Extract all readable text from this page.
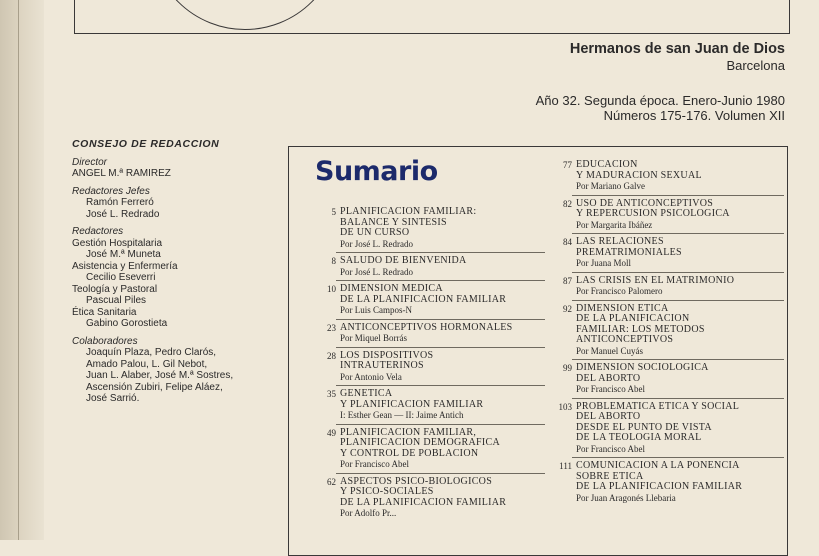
Hermanos de san Juan de Dios
Barcelona
Año 32. Segunda época. Enero-Junio 1980
Números 175-176. Volumen XII
CONSEJO DE REDACCION
Director
ANGEL M.ª RAMIREZ
Redactores Jefes
Ramón Ferreró
José L. Redrado
Redactores
Gestión Hospitalaria
José M.ª Muneta
Asistencia y Enfermería
Cecilio Eseverri
Teología y Pastoral
Pascual Piles
Ética Sanitaria
Gabino Gorostieta
Colaboradores
Joaquín Plaza, Pedro Clarós,
Amado Palou, L. Gil Nebot,
Juan L. Alaber, José M.ª Sostres,
Ascensión Zubiri, Felipe Aláez,
José Sarrió.
Sumario
5 PLANIFICACION FAMILIAR:
BALANCE Y SINTESIS
DE UN CURSO
Por José L. Redrado
8 SALUDO DE BIENVENIDA
Por José L. Redrado
10 DIMENSION MEDICA
DE LA PLANIFICACION FAMILIAR
Por Luis Campos-N
23 ANTICONCEPTIVOS HORMONALES
Por Miquel Borrás
28 LOS DISPOSITIVOS
INTRAUTERINOS
Por Antonio Vela
35 GENETICA
Y PLANIFICACION FAMILIAR
I: Esther Gean — II: Jaime Antich
49 PLANIFICACION FAMILIAR,
PLANIFICACION DEMOGRAFICA
Y CONTROL DE POBLACION
Por Francisco Abel
62 ASPECTOS PSICO-BIOLOGICOS
Y PSICO-SOCIALES
DE LA PLANIFICACION FAMILIAR
Por Adolfo Pr...
77 EDUCACION
Y MADURACION SEXUAL
Por Mariano Galve
82 USO DE ANTICONCEPTIVOS
Y REPERCUSION PSICOLOGICA
Por Margarita Ibáñez
84 LAS RELACIONES
PREMATRIMONIALES
Por Juana Moll
87 LAS CRISIS EN EL MATRIMONIO
Por Francisco Palomero
92 DIMENSION ETICA
DE LA PLANIFICACION
FAMILIAR: LOS METODOS
ANTICONCEPTIVOS
Por Manuel Cuyás
99 DIMENSION SOCIOLOGICA
DEL ABORTO
Por Francisco Abel
103 PROBLEMATICA ETICA Y SOCIAL
DEL ABORTO
DESDE EL PUNTO DE VISTA
DE LA TEOLOGIA MORAL
Por Francisco Abel
111 COMUNICACION A LA PONENCIA
SOBRE ETICA
DE LA PLANIFICACION FAMILIAR
Por Juan Aragonés Llebaria
